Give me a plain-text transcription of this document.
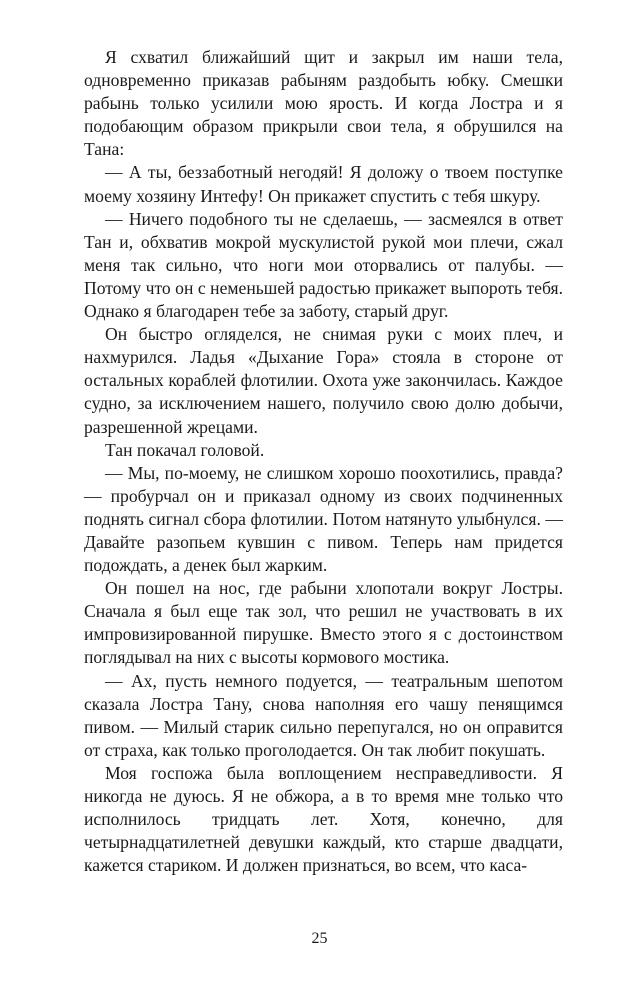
Я схватил ближайший щит и закрыл им наши тела, одновременно приказав рабыням раздобыть юбку. Смешки рабынь только усилили мою ярость. И когда Лостра и я подобающим образом прикрыли свои тела, я обрушился на Тана:

— А ты, беззаботный негодяй! Я доложу о твоем поступке моему хозяину Интефу! Он прикажет спустить с тебя шкуру.

— Ничего подобного ты не сделаешь, — засмеялся в ответ Тан и, обхватив мокрой мускулистой рукой мои плечи, сжал меня так сильно, что ноги мои оторвались от палубы. — Потому что он с неменьшей радостью прикажет выпороть тебя. Однако я благодарен тебе за заботу, старый друг.

Он быстро огляделся, не снимая руки с моих плеч, и нахмурился. Ладья «Дыхание Гора» стояла в стороне от остальных кораблей флотилии. Охота уже закончилась. Каждое судно, за исключением нашего, получило свою долю добычи, разрешенной жрецами.

Тан покачал головой.

— Мы, по-моему, не слишком хорошо поохотились, правда? — пробурчал он и приказал одному из своих подчиненных поднять сигнал сбора флотилии. Потом натянуто улыбнулся. — Давайте разопьем кувшин с пивом. Теперь нам придется подождать, а денек был жарким.

Он пошел на нос, где рабыни хлопотали вокруг Лостры. Сначала я был еще так зол, что решил не участвовать в их импровизированной пирушке. Вместо этого я с достоинством поглядывал на них с высоты кормового мостика.

— Ах, пусть немного подуется, — театральным шепотом сказала Лостра Тану, снова наполняя его чашу пенящимся пивом. — Милый старик сильно перепугался, но он оправится от страха, как только проголодается. Он так любит покушать.

Моя госпожа была воплощением несправедливости. Я никогда не дуюсь. Я не обжора, а в то время мне только что исполнилось тридцать лет. Хотя, конечно, для четырнадцатилетней девушки каждый, кто старше двадцати, кажется стариком. И должен признаться, во всем, что каса-

25
